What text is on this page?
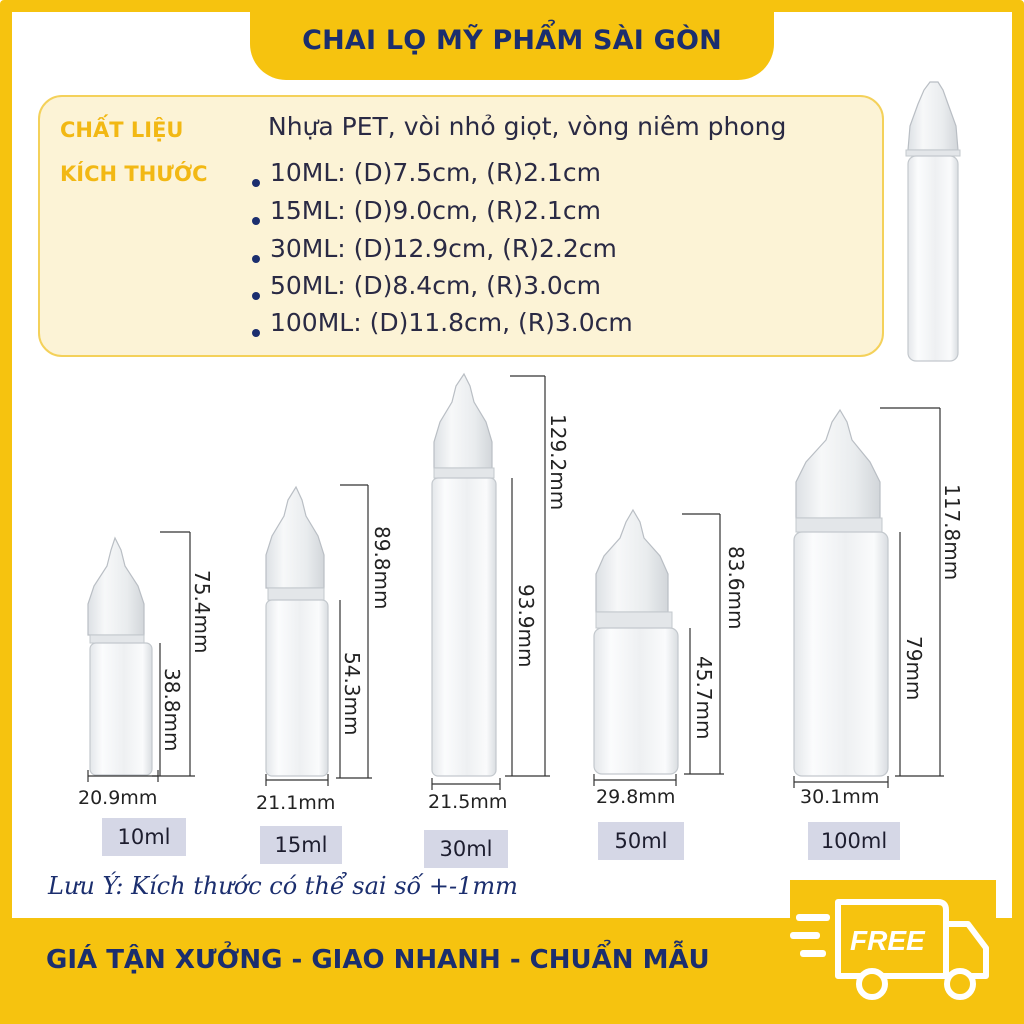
CHAI LỌ MỸ PHẨM SÀI GÒN
CHẤT LIỆU	Nhựa PET, vòi nhỏ giọt, vòng niêm phong
KÍCH THƯỚC 10ML: (D)7.5cm, (R)2.1cm
15ML: (D)9.0cm, (R)2.1cm
30ML: (D)12.9cm, (R)2.2cm
50ML: (D)8.4cm, (R)3.0cm
100ML: (D)11.8cm, (R)3.0cm
20.9mm
75.4mm
38.8mm
10ml
21.1mm
89.8mm
54.3mm
15ml
21.5mm
129.2mm
93.9mm
30ml
29.8mm
83.6mm
45.7mm
50ml
30.1mm
117.8mm
79mm
100ml
Lưu Ý: Kích thước có thể sai số +-1mm
GIÁ TẬN XƯỞNG - GIAO NHANH - CHUẨN MẪU
FREE
